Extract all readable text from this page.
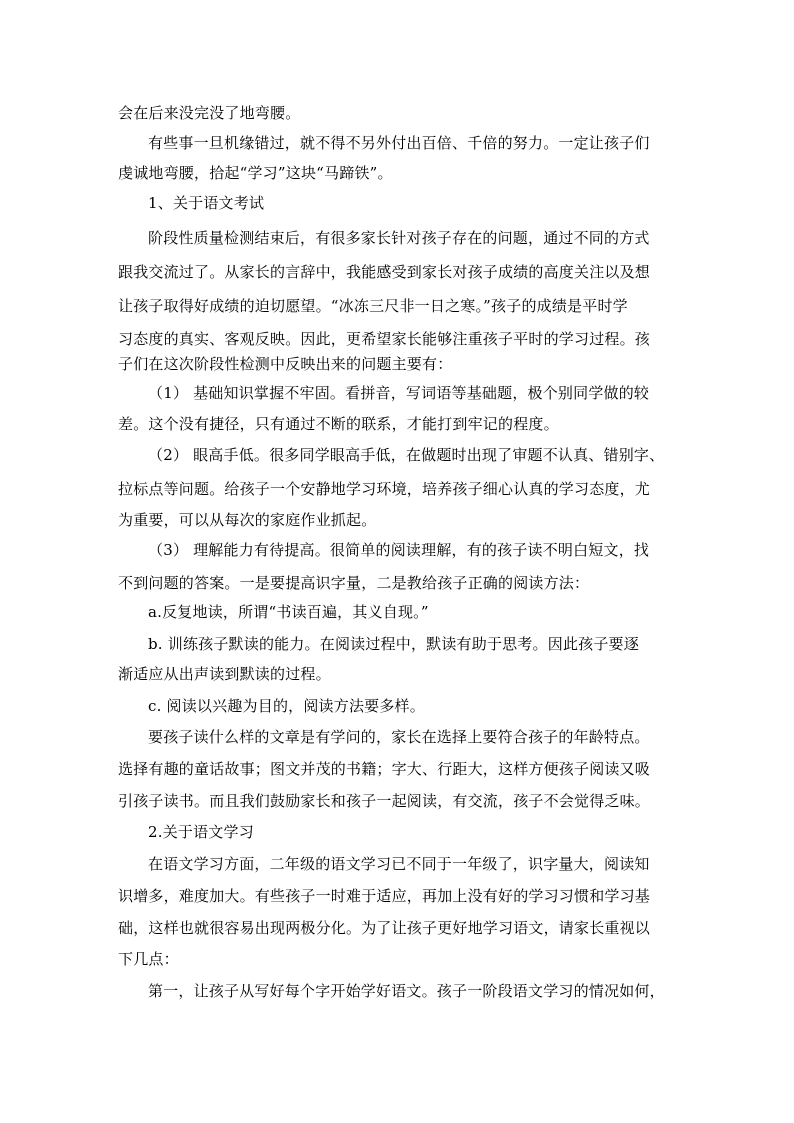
会在后来没完没了地弯腰。
有些事一旦机缘错过，就不得不另外付出百倍、千倍的努力。一定让孩子们
虔诚地弯腰，拾起“学习”这块“马蹄铁”。
1、关于语文考试
阶段性质量检测结束后，有很多家长针对孩子存在的问题，通过不同的方式
跟我交流过了。从家长的言辞中，我能感受到家长对孩子成绩的高度关注以及想
让孩子取得好成绩的迫切愿望。“冰冻三尺非一日之寒。”孩子的成绩是平时学
习态度的真实、客观反映。因此，更希望家长能够注重孩子平时的学习过程。孩
子们在这次阶段性检测中反映出来的问题主要有：
（1） 基础知识掌握不牢固。看拼音，写词语等基础题，极个别同学做的较
差。这个没有捷径，只有通过不断的联系，才能打到牢记的程度。
（2） 眼高手低。很多同学眼高手低，在做题时出现了审题不认真、错别字、
拉标点等问题。给孩子一个安静地学习环境，培养孩子细心认真的学习态度，尤
为重要，可以从每次的家庭作业抓起。
（3） 理解能力有待提高。很简单的阅读理解，有的孩子读不明白短文，找
不到问题的答案。一是要提高识字量，二是教给孩子正确的阅读方法：
a.反复地读，所谓“书读百遍，其义自现。”
b. 训练孩子默读的能力。在阅读过程中，默读有助于思考。因此孩子要逐
渐适应从出声读到默读的过程。
c. 阅读以兴趣为目的，阅读方法要多样。
要孩子读什么样的文章是有学问的，家长在选择上要符合孩子的年龄特点。
选择有趣的童话故事；图文并茂的书籍；字大、行距大，这样方便孩子阅读又吸
引孩子读书。而且我们鼓励家长和孩子一起阅读，有交流，孩子不会觉得乏味。
2.关于语文学习
在语文学习方面，二年级的语文学习已不同于一年级了，识字量大，阅读知
识增多，难度加大。有些孩子一时难于适应，再加上没有好的学习习惯和学习基
础，这样也就很容易出现两极分化。为了让孩子更好地学习语文，请家长重视以
下几点：
第一，让孩子从写好每个字开始学好语文。孩子一阶段语文学习的情况如何，
